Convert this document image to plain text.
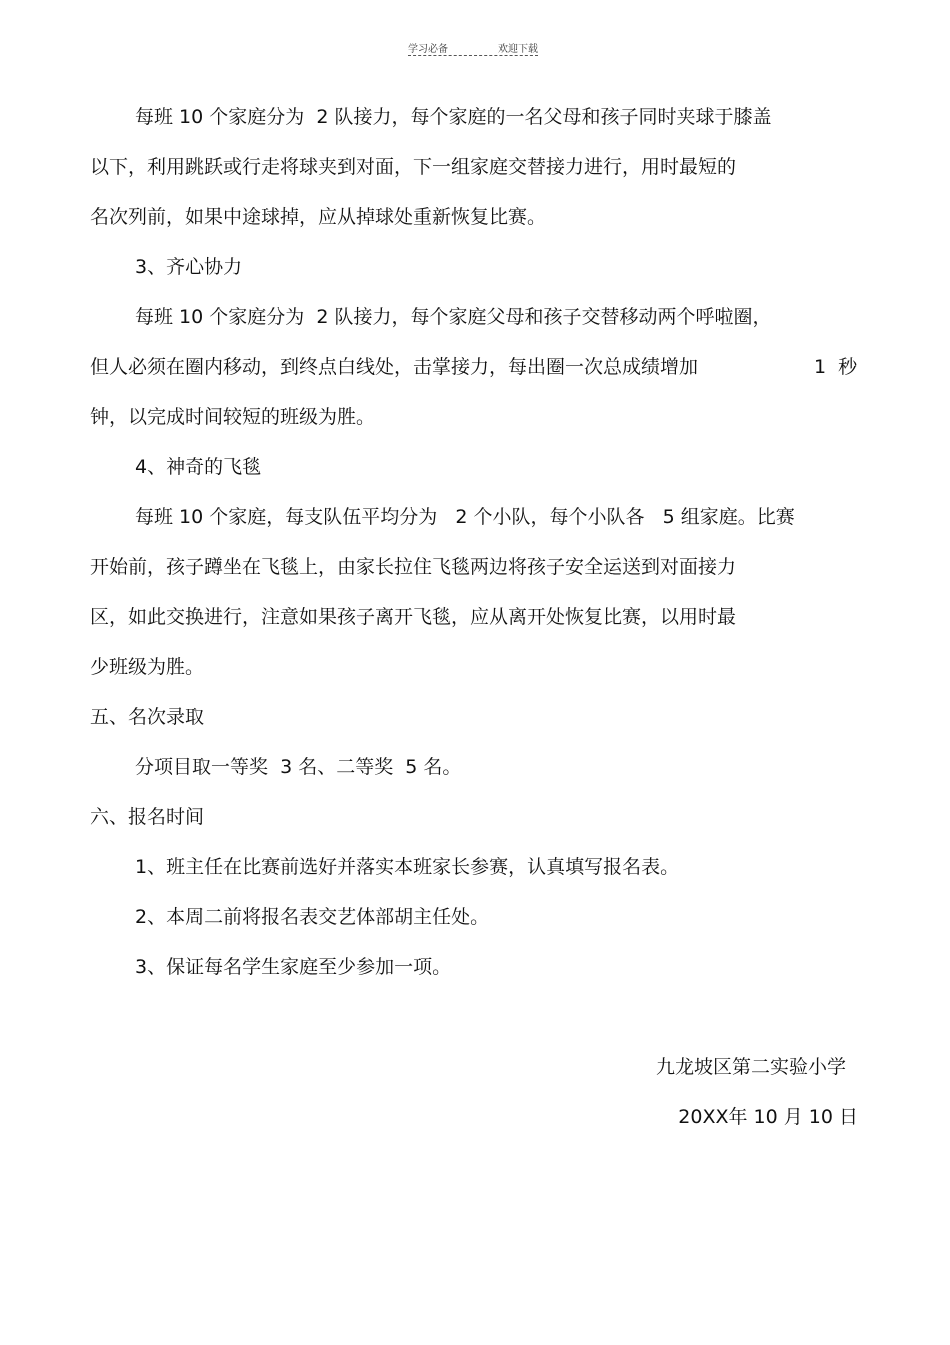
学习必备	欢迎下载
每班 10 个家庭分为  2 队接力，每个家庭的一名父母和孩子同时夹球于膝盖
以下，利用跳跃或行走将球夹到对面，下一组家庭交替接力进行，用时最短的
名次列前，如果中途球掉，应从掉球处重新恢复比赛。
3、齐心协力
每班 10 个家庭分为  2 队接力，每个家庭父母和孩子交替移动两个呼啦圈，
但人必须在圈内移动，到终点白线处，击掌接力，每出圈一次总成绩增加	1  秒
钟，以完成时间较短的班级为胜。
4、神奇的飞毯
每班 10 个家庭，每支队伍平均分为   2 个小队，每个小队各   5 组家庭。比赛
开始前，孩子蹲坐在飞毯上，由家长拉住飞毯两边将孩子安全运送到对面接力
区，如此交换进行，注意如果孩子离开飞毯，应从离开处恢复比赛，以用时最
少班级为胜。
五、名次录取
分项目取一等奖  3 名、二等奖  5 名。
六、报名时间
1、班主任在比赛前选好并落实本班家长参赛，认真填写报名表。
2、本周二前将报名表交艺体部胡主任处。
3、保证每名学生家庭至少参加一项。
九龙坡区第二实验小学
20XX年 10 月 10 日
